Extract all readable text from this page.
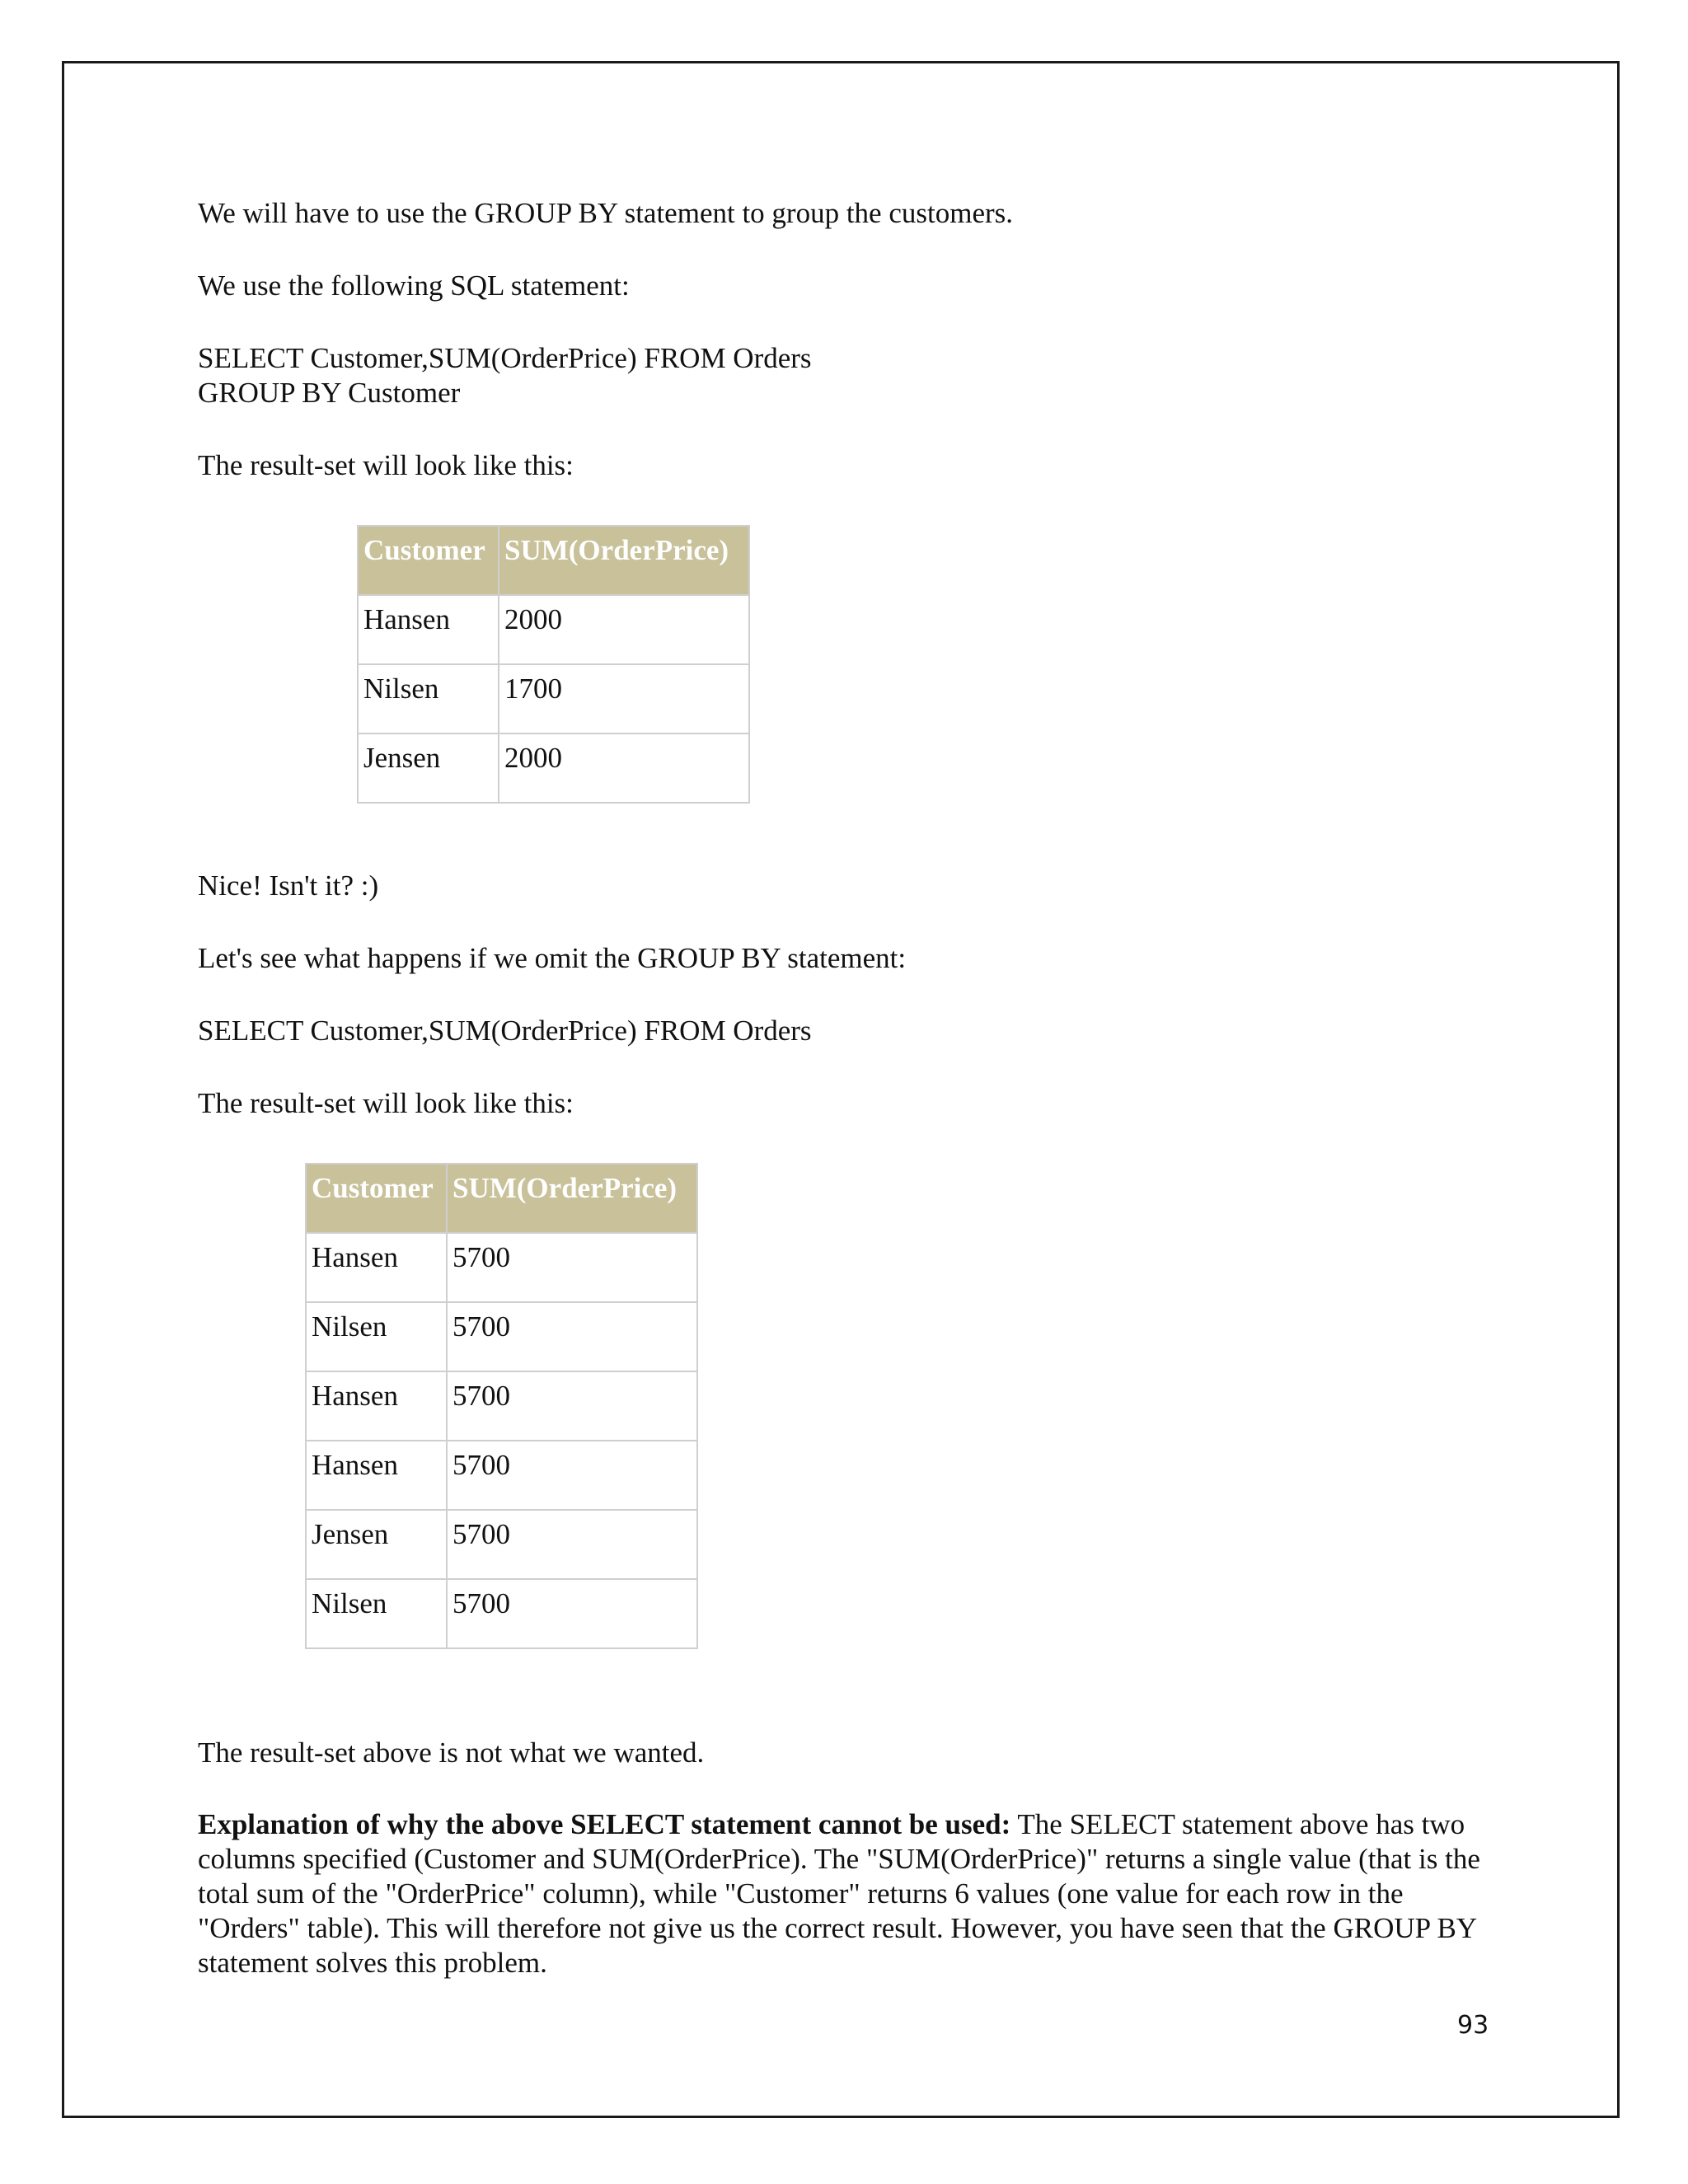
We will have to use the GROUP BY statement to group the customers.

We use the following SQL statement:

SELECT Customer,SUM(OrderPrice) FROM Orders

GROUP BY Customer

The result-set will look like this:

Customer	SUM(OrderPrice)
Hansen	2000
Nilsen	1700
Jensen	2000

Nice! Isn't it? :)

Let's see what happens if we omit the GROUP BY statement:

SELECT Customer,SUM(OrderPrice) FROM Orders

The result-set will look like this:

Customer	SUM(OrderPrice)
Hansen	5700
Nilsen	5700
Hansen	5700
Hansen	5700
Jensen	5700
Nilsen	5700

The result-set above is not what we wanted.

Explanation of why the above SELECT statement cannot be used: The SELECT statement above has two columns specified (Customer and SUM(OrderPrice). The "SUM(OrderPrice)" returns a single value (that is the total sum of the "OrderPrice" column), while "Customer" returns 6 values (one value for each row in the "Orders" table). This will therefore not give us the correct result. However, you have seen that the GROUP BY statement solves this problem.

93
